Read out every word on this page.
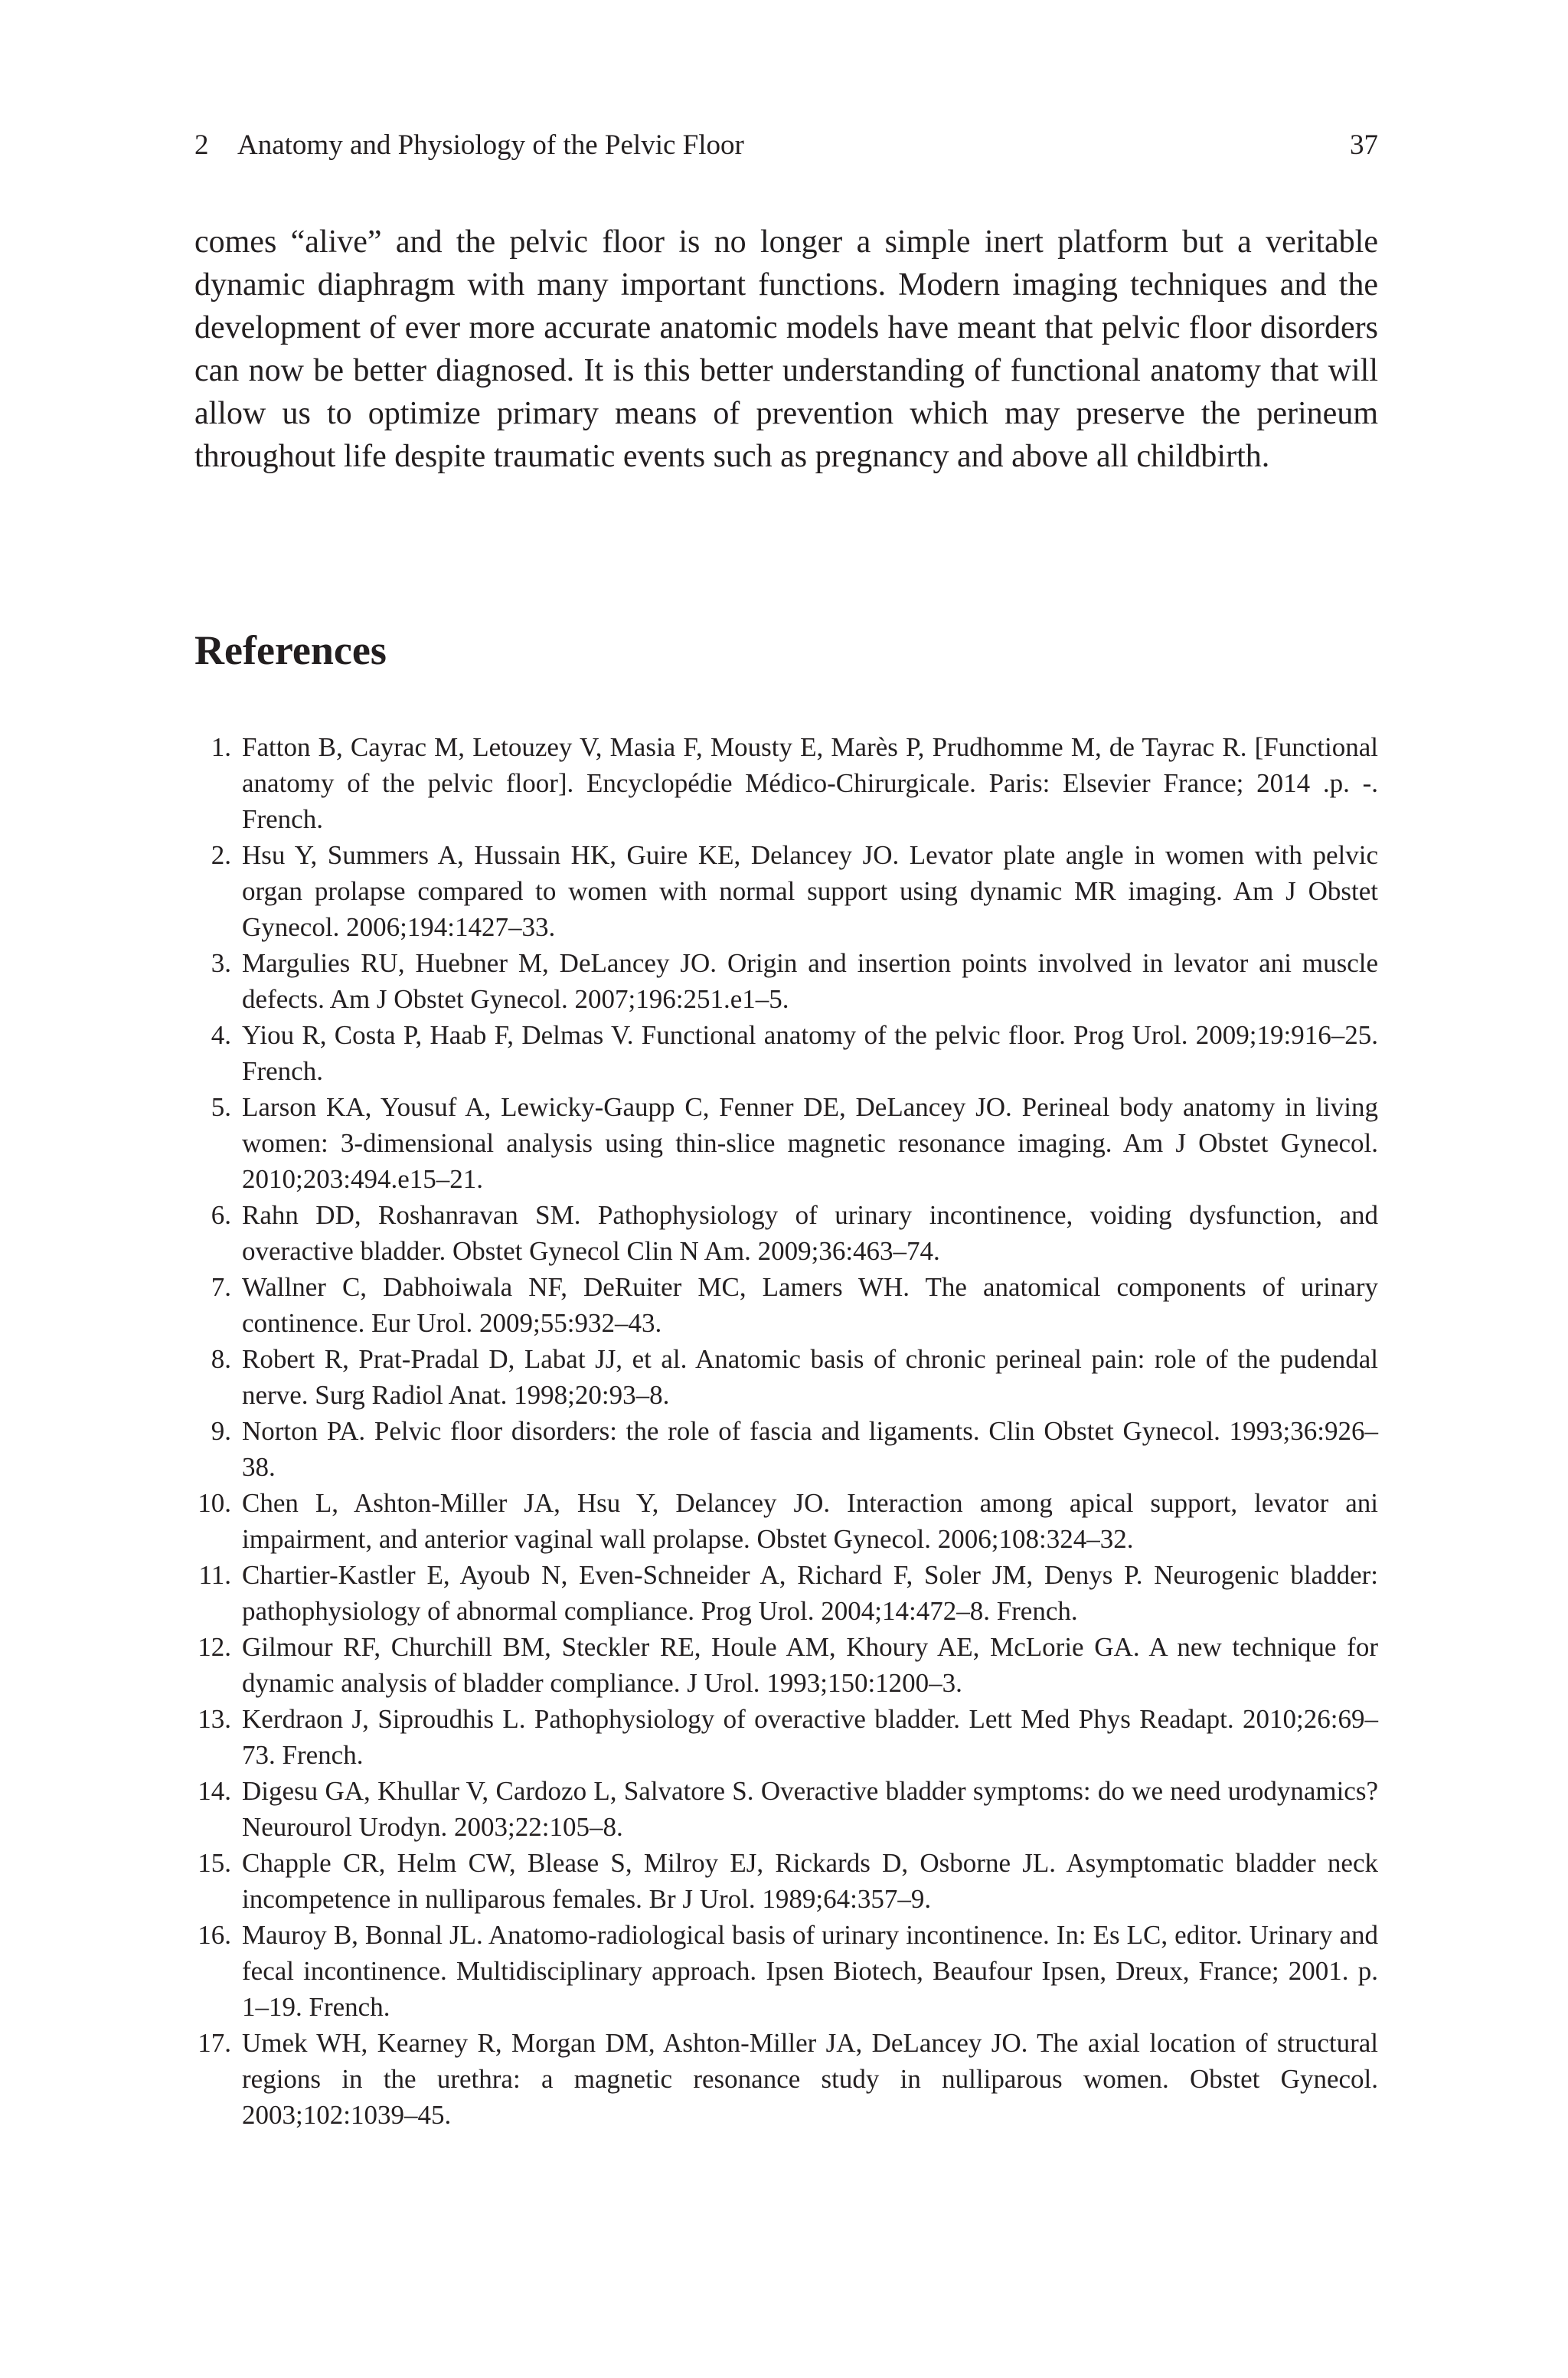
2 Anatomy and Physiology of the Pelvic Floor	37

comes “alive” and the pelvic floor is no longer a simple inert platform but a veritable dynamic diaphragm with many important functions. Modern imaging techniques and the development of ever more accurate anatomic models have meant that pelvic floor disorders can now be better diagnosed. It is this better understanding of functional anatomy that will allow us to optimize primary means of prevention which may preserve the perineum throughout life despite traumatic events such as pregnancy and above all childbirth.

References
1. Fatton B, Cayrac M, Letouzey V, Masia F, Mousty E, Marès P, Prudhomme M, de Tayrac R. [Functional anatomy of the pelvic floor]. Encyclopédie Médico-Chirurgicale. Paris: Elsevier France; 2014 .p. -. French.
2. Hsu Y, Summers A, Hussain HK, Guire KE, Delancey JO. Levator plate angle in women with pelvic organ prolapse compared to women with normal support using dynamic MR imaging. Am J Obstet Gynecol. 2006;194:1427–33.
3. Margulies RU, Huebner M, DeLancey JO. Origin and insertion points involved in levator ani muscle defects. Am J Obstet Gynecol. 2007;196:251.e1–5.
4. Yiou R, Costa P, Haab F, Delmas V. Functional anatomy of the pelvic floor. Prog Urol. 2009;19:916–25. French.
5. Larson KA, Yousuf A, Lewicky-Gaupp C, Fenner DE, DeLancey JO. Perineal body anatomy in living women: 3-dimensional analysis using thin-slice magnetic resonance imaging. Am J Obstet Gynecol. 2010;203:494.e15–21.
6. Rahn DD, Roshanravan SM. Pathophysiology of urinary incontinence, voiding dysfunction, and overactive bladder. Obstet Gynecol Clin N Am. 2009;36:463–74.
7. Wallner C, Dabhoiwala NF, DeRuiter MC, Lamers WH. The anatomical components of urinary continence. Eur Urol. 2009;55:932–43.
8. Robert R, Prat-Pradal D, Labat JJ, et al. Anatomic basis of chronic perineal pain: role of the pudendal nerve. Surg Radiol Anat. 1998;20:93–8.
9. Norton PA. Pelvic floor disorders: the role of fascia and ligaments. Clin Obstet Gynecol. 1993;36:926–38.
10. Chen L, Ashton-Miller JA, Hsu Y, Delancey JO. Interaction among apical support, levator ani impairment, and anterior vaginal wall prolapse. Obstet Gynecol. 2006;108:324–32.
11. Chartier-Kastler E, Ayoub N, Even-Schneider A, Richard F, Soler JM, Denys P. Neurogenic bladder: pathophysiology of abnormal compliance. Prog Urol. 2004;14:472–8. French.
12. Gilmour RF, Churchill BM, Steckler RE, Houle AM, Khoury AE, McLorie GA. A new technique for dynamic analysis of bladder compliance. J Urol. 1993;150:1200–3.
13. Kerdraon J, Siproudhis L. Pathophysiology of overactive bladder. Lett Med Phys Readapt. 2010;26:69–73. French.
14. Digesu GA, Khullar V, Cardozo L, Salvatore S. Overactive bladder symptoms: do we need urodynamics? Neurourol Urodyn. 2003;22:105–8.
15. Chapple CR, Helm CW, Blease S, Milroy EJ, Rickards D, Osborne JL. Asymptomatic bladder neck incompetence in nulliparous females. Br J Urol. 1989;64:357–9.
16. Mauroy B, Bonnal JL. Anatomo-radiological basis of urinary incontinence. In: Es LC, editor. Urinary and fecal incontinence. Multidisciplinary approach. Ipsen Biotech, Beaufour Ipsen, Dreux, France; 2001. p. 1–19. French.
17. Umek WH, Kearney R, Morgan DM, Ashton-Miller JA, DeLancey JO. The axial location of structural regions in the urethra: a magnetic resonance study in nulliparous women. Obstet Gynecol. 2003;102:1039–45.
